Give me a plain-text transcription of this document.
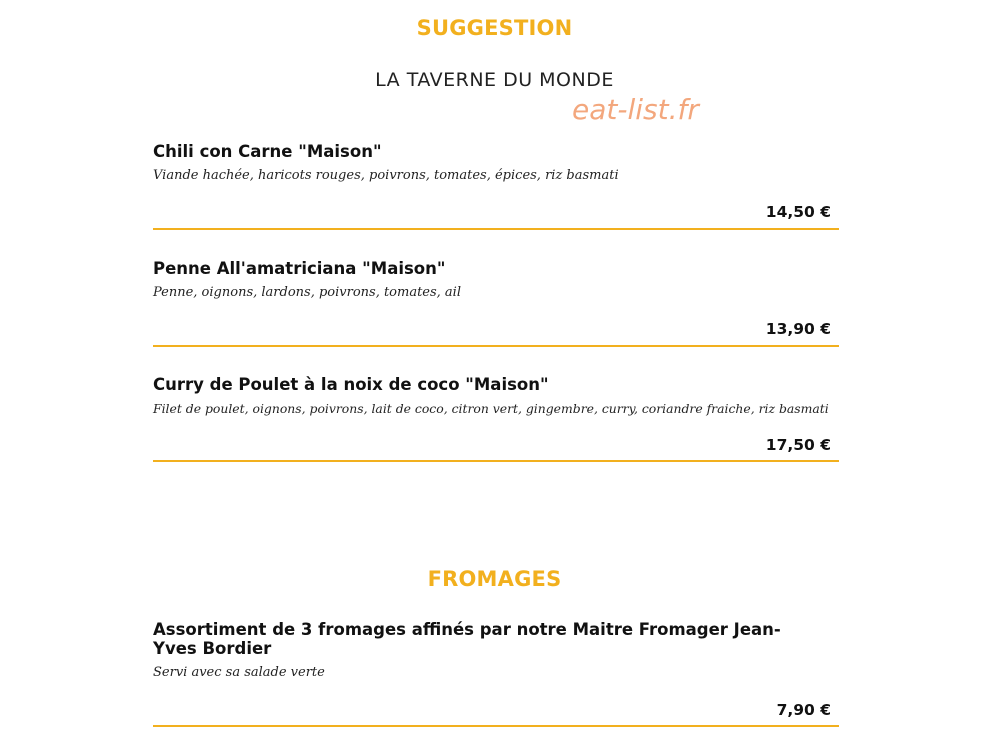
SUGGESTION
LA TAVERNE DU MONDE
eat-list.fr
Chili con Carne "Maison"
Viande hachée, haricots rouges, poivrons, tomates, épices, riz basmati
14,50 €
Penne All'amatriciana "Maison"
Penne, oignons, lardons, poivrons, tomates, ail
13,90 €
Curry de Poulet à la noix de coco "Maison"
Filet de poulet, oignons, poivrons, lait de coco, citron vert, gingembre, curry, coriandre fraiche, riz basmati
17,50 €
FROMAGES
Assortiment de 3 fromages affinés par notre Maitre Fromager Jean-Yves Bordier
Servi avec sa salade verte
7,90 €
